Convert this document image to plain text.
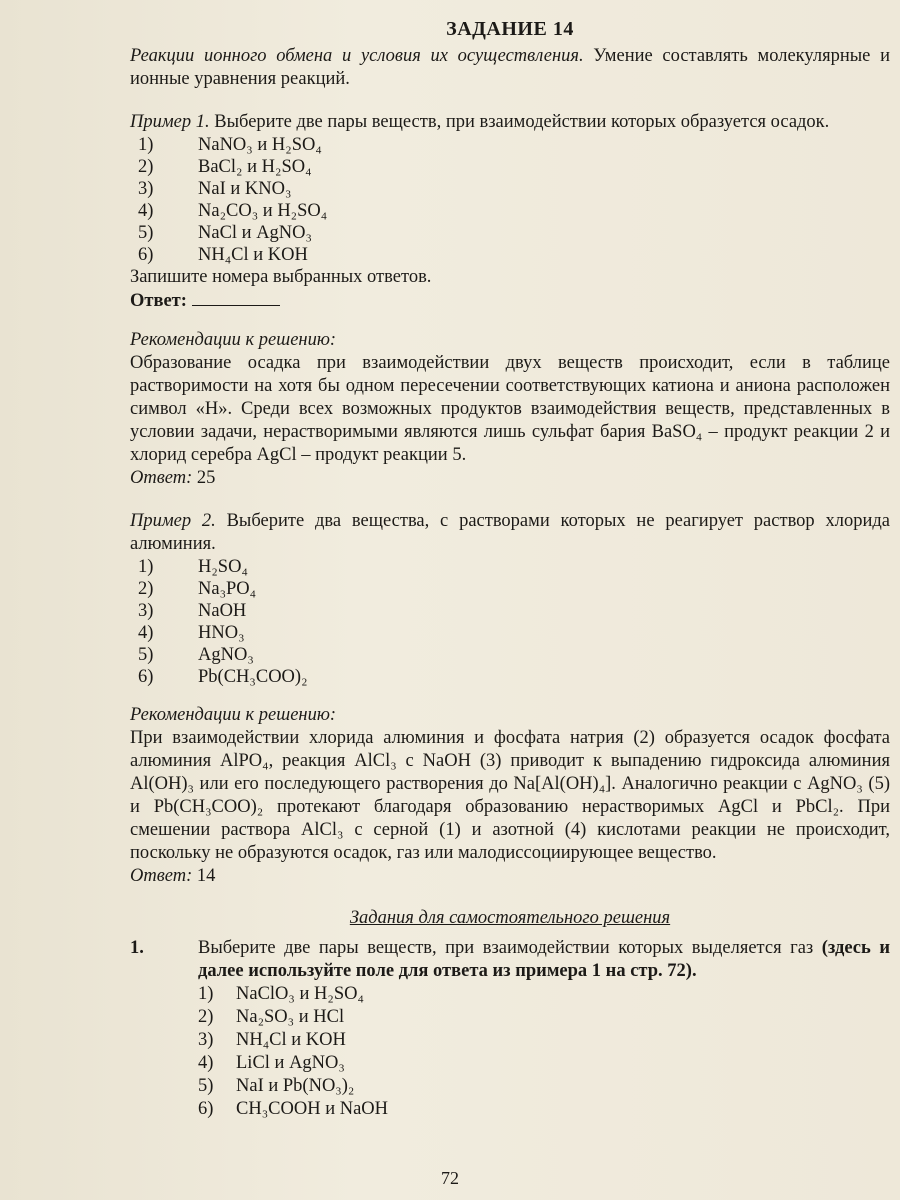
ЗАДАНИЕ 14

Реакции ионного обмена и условия их осуществления. Умение составлять молекулярные и ионные уравнения реакций.

Пример 1. Выберите две пары веществ, при взаимодействии которых образуется осадок.

1)	NaNO₃ и H₂SO₄
2)	BaCl₂ и H₂SO₄
3)	NaI и KNO₃
4)	Na₂CO₃ и H₂SO₄
5)	NaCl и AgNO₃
6)	NH₄Cl и KOH

Запишите номера выбранных ответов.

Ответ:

Рекомендации к решению:

Образование осадка при взаимодействии двух веществ происходит, если в таблице растворимости на хотя бы одном пересечении соответствующих катиона и аниона расположен символ «Н». Среди всех возможных продуктов взаимодействия веществ, представленных в условии задачи, нерастворимыми являются лишь сульфат бария BaSO₄ – продукт реакции 2 и хлорид серебра AgCl – продукт реакции 5.

Ответ: 25

Пример 2. Выберите два вещества, с растворами которых не реагирует раствор хлорида алюминия.

1)	H₂SO₄
2)	Na₃PO₄
3)	NaOH
4)	HNO₃
5)	AgNO₃
6)	Pb(CH₃COO)₂

Рекомендации к решению:

При взаимодействии хлорида алюминия и фосфата натрия (2) образуется осадок фосфата алюминия AlPO₄, реакция AlCl₃ с NaOH (3) приводит к выпадению гидроксида алюминия Al(OH)₃ или его последующего растворения до Na[Al(OH)₄]. Аналогично реакции с AgNO₃ (5) и Pb(CH₃COO)₂ протекают благодаря образованию нерастворимых AgCl и PbCl₂. При смешении раствора AlCl₃ с серной (1) и азотной (4) кислотами реакции не происходит, поскольку не образуются осадок, газ или малодиссоциирующее вещество.

Ответ: 14

Задания для самостоятельного решения
1.	Выберите две пары веществ, при взаимодействии которых выделяется газ (здесь и далее используйте поле для ответа из примера 1 на стр. 72).
1)	NaClO₃ и H₂SO₄
2)	Na₂SO₃ и HCl
3)	NH₄Cl и KOH
4)	LiCl и AgNO₃
5)	NaI и Pb(NO₃)₂
6)	CH₃COOH и NaOH
72
